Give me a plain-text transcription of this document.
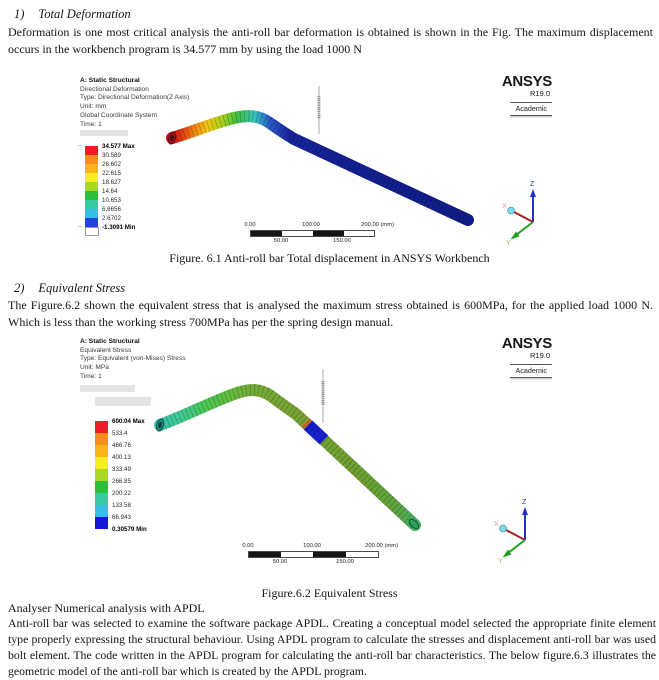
1) Total Deformation
Deformation is one most critical analysis the anti-roll bar deformation is obtained is shown in the Fig. The maximum displacement occurs in the workbench program is 34.577 mm by using the load 1000 N
A: Static Structural
Directional Deformation
Type: Directional Deformation(Z Axis)
Unit: mm
Global Coordinate System
Time: 1
ANSYS
R19.0
Academic
34.577 Max
30.589
26.602
22.615
18.627
14.64
10.653
6.6656
2.6702
-1.3091 Min
–
–
Z
X
Y
0.00	100.00	200.00 (mm)
50.00	150.00
Figure. 6.1 Anti-roll bar Total displacement in ANSYS Workbench
2) Equivalent Stress
The Figure.6.2 shown the equivalent stress that is analysed the maximum stress obtained is 600MPa, for the applied load 1000 N. Which is less than the working stress 700MPa has per the spring design manual.
A: Static Structural
Equivalent Stress
Type: Equivalent (von-Mises) Stress
Unit: MPa
Time: 1
ANSYS
R19.0
Academic
600.04 Max
533.4
466.76
400.13
333.49
266.85
200.22
133.58
66.943
0.30579 Min
Z
X
Y
0.00	100.00	200.00 (mm)
50.00	150.00
Figure.6.2 Equivalent Stress
Analyser Numerical analysis with APDL
Anti-roll bar was selected to examine the software package APDL. Creating a conceptual model selected the appropriate finite element type properly expressing the structural behaviour. Using APDL program to calculate the stresses and displacement anti-roll bar was used bolt element. The code written in the APDL program for calculating the anti-roll bar characteristics. The below figure.6.3 illustrates the geometric model of the anti-roll bar which is created by the APDL program.
